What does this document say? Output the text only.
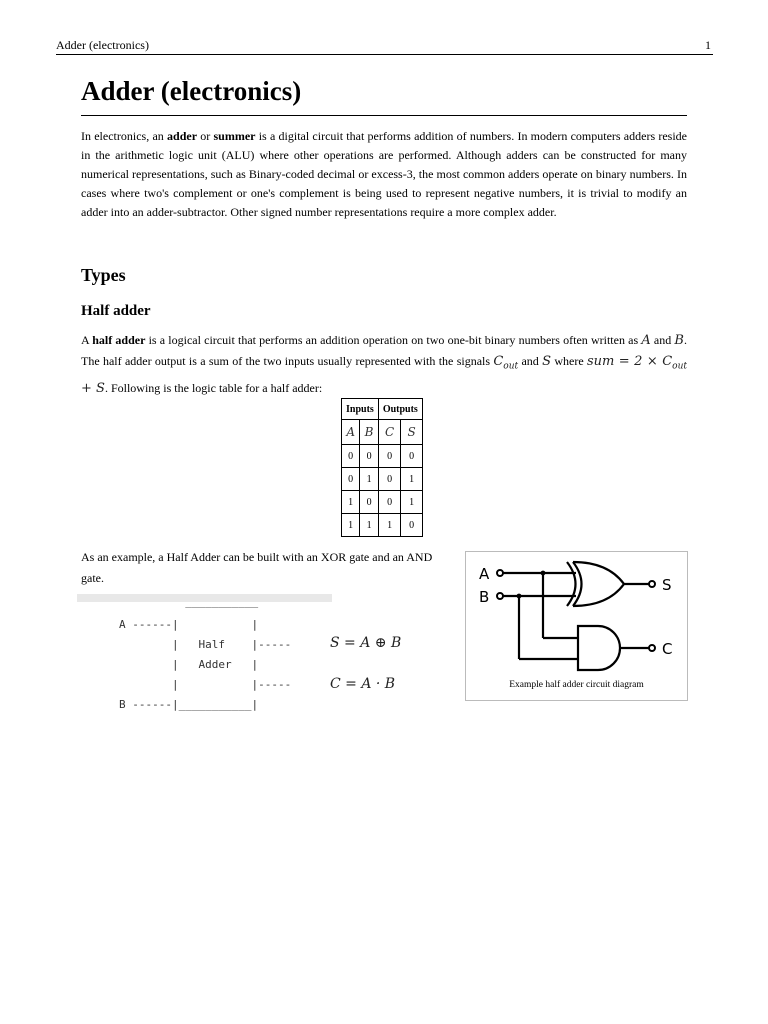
Adder (electronics)	1
Adder (electronics)

In electronics, an adder or summer is a digital circuit that performs addition of numbers. In modern computers adders reside in the arithmetic logic unit (ALU) where other operations are performed. Although adders can be constructed for many numerical representations, such as Binary-coded decimal or excess-3, the most common adders operate on binary numbers. In cases where two's complement or one's complement is being used to represent negative numbers, it is trivial to modify an adder into an adder-subtractor. Other signed number representations require a more complex adder.

Types
Half adder

A half adder is a logical circuit that performs an addition operation on two one-bit binary numbers often written as A and B. The half adder output is a sum of the two inputs usually represented with the signals $C_{out}$ and S where sum = $2 \times C_{out} + S$. Following is the logic table for a half adder:

Inputs		Outputs	
A	B	C	S
0	0	0	0
0	1	0	1
1	0	0	1
1	1	1	0

As an example, a Half Adder can be built with an XOR gate and an AND gate.

___________

A ------|           |

|   Half    |-----

|   Adder   |

|           |-----

B ------|___________|

S = A ⊕ B
C = A · B
A
B
S
C
Example half adder circuit diagram
